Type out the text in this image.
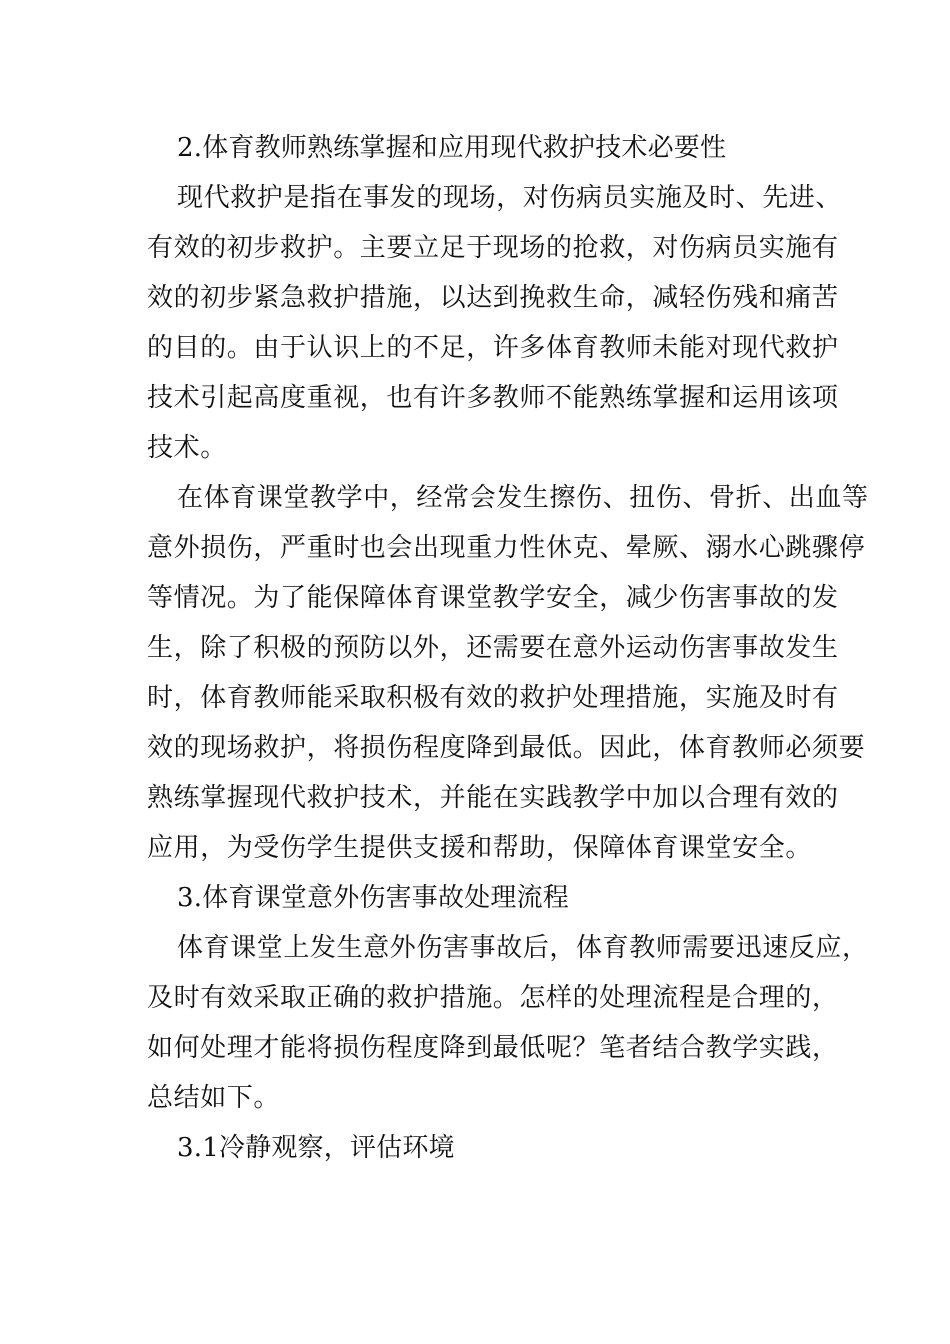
2.体育教师熟练掌握和应用现代救护技术必要性
现代救护是指在事发的现场，对伤病员实施及时、先进、
有效的初步救护。主要立足于现场的抢救，对伤病员实施有
效的初步紧急救护措施，以达到挽救生命，减轻伤残和痛苦
的目的。由于认识上的不足，许多体育教师未能对现代救护
技术引起高度重视，也有许多教师不能熟练掌握和运用该项
技术。
在体育课堂教学中，经常会发生擦伤、扭伤、骨折、出血等
意外损伤，严重时也会出现重力性休克、晕厥、溺水心跳骤停
等情况。为了能保障体育课堂教学安全，减少伤害事故的发
生，除了积极的预防以外，还需要在意外运动伤害事故发生
时，体育教师能采取积极有效的救护处理措施，实施及时有
效的现场救护，将损伤程度降到最低。因此，体育教师必须要
熟练掌握现代救护技术，并能在实践教学中加以合理有效的
应用，为受伤学生提供支援和帮助，保障体育课堂安全。
3.体育课堂意外伤害事故处理流程
体育课堂上发生意外伤害事故后，体育教师需要迅速反应，
及时有效采取正确的救护措施。怎样的处理流程是合理的，
如何处理才能将损伤程度降到最低呢？笔者结合教学实践，
总结如下。
3.1冷静观察，评估环境
